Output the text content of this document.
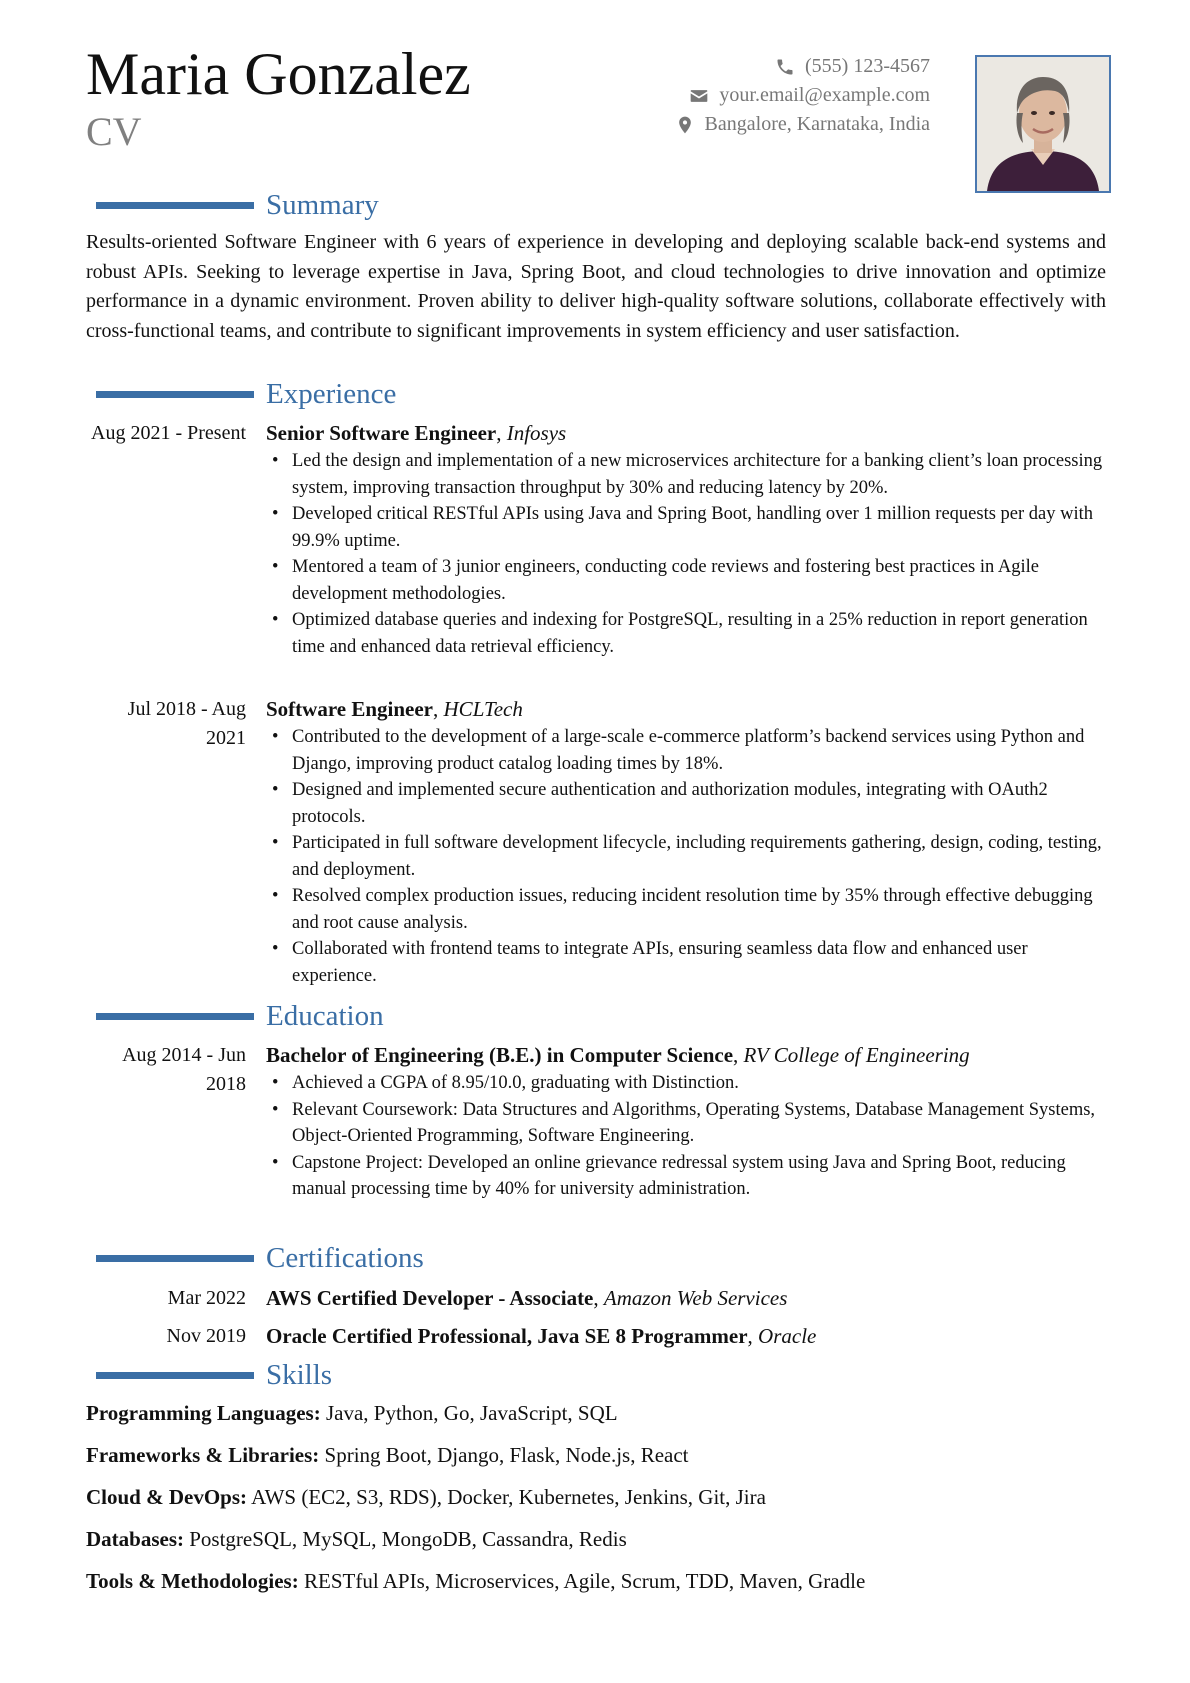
Maria Gonzalez
CV
(555) 123-4567
your.email@example.com
Bangalore, Karnataka, India
Summary
Results-oriented Software Engineer with 6 years of experience in developing and deploying scalable back-end systems and robust APIs. Seeking to leverage expertise in Java, Spring Boot, and cloud technologies to drive innovation and optimize performance in a dynamic environment. Proven ability to deliver high-quality software solutions, collaborate effectively with cross-functional teams, and contribute to significant improvements in system efficiency and user satisfaction.
Experience
Aug 2021 - Present Senior Software Engineer, Infosys
• Led the design and implementation of a new microservices architecture for a banking client’s loan processing system, improving transaction throughput by 30% and reducing latency by 20%.
• Developed critical RESTful APIs using Java and Spring Boot, handling over 1 million requests per day with 99.9% uptime.
• Mentored a team of 3 junior engineers, conducting code reviews and fostering best practices in Agile development methodologies.
• Optimized database queries and indexing for PostgreSQL, resulting in a 25% reduction in report generation time and enhanced data retrieval efficiency.
Jul 2018 - Aug 2021
Software Engineer, HCLTech
• Contributed to the development of a large-scale e-commerce platform’s backend services using Python and Django, improving product catalog loading times by 18%.
• Designed and implemented secure authentication and authorization modules, integrating with OAuth2 protocols.
• Participated in full software development lifecycle, including requirements gathering, design, coding, testing, and deployment.
• Resolved complex production issues, reducing incident resolution time by 35% through effective debugging and root cause analysis.
• Collaborated with frontend teams to integrate APIs, ensuring seamless data flow and enhanced user experience.
Education
Aug 2014 - Jun 2018
Bachelor of Engineering (B.E.) in Computer Science, RV College of Engineering
• Achieved a CGPA of 8.95/10.0, graduating with Distinction.
• Relevant Coursework: Data Structures and Algorithms, Operating Systems, Database Management Systems, Object-Oriented Programming, Software Engineering.
• Capstone Project: Developed an online grievance redressal system using Java and Spring Boot, reducing manual processing time by 40% for university administration.
Certifications
Mar 2022 AWS Certified Developer - Associate, Amazon Web Services
Nov 2019 Oracle Certified Professional, Java SE 8 Programmer, Oracle
Skills
Programming Languages: Java, Python, Go, JavaScript, SQL
Frameworks & Libraries: Spring Boot, Django, Flask, Node.js, React
Cloud & DevOps: AWS (EC2, S3, RDS), Docker, Kubernetes, Jenkins, Git, Jira
Databases: PostgreSQL, MySQL, MongoDB, Cassandra, Redis
Tools & Methodologies: RESTful APIs, Microservices, Agile, Scrum, TDD, Maven, Gradle
